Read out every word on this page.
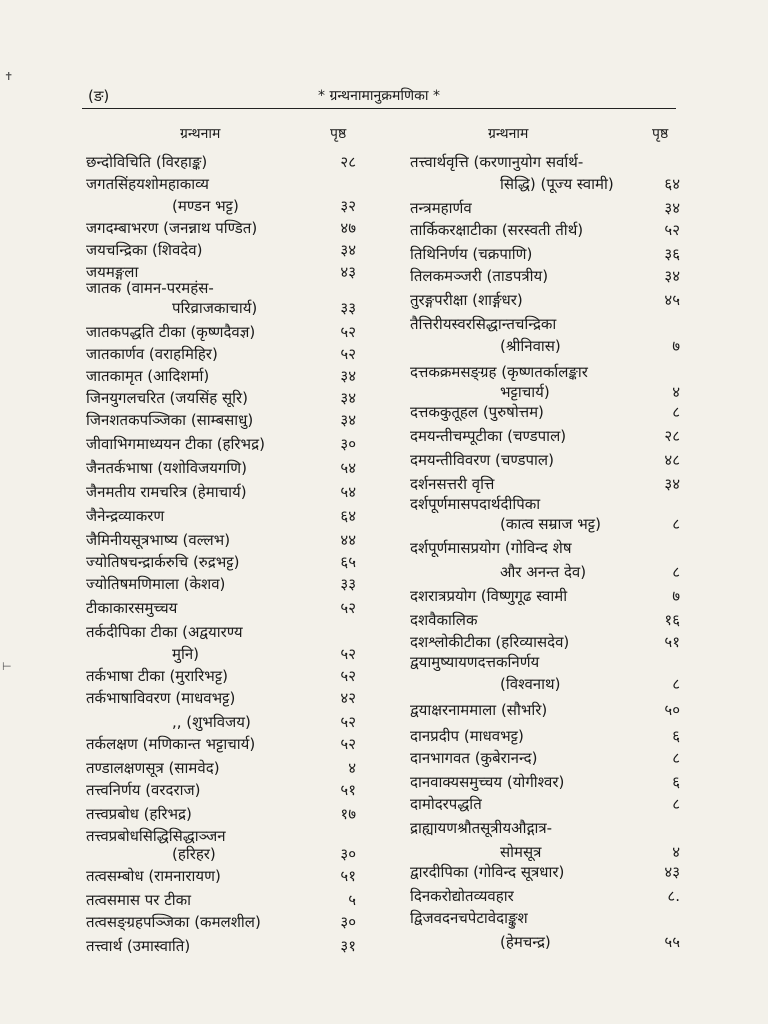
(ङ)	* ग्रन्थनामानुक्रमणिका *
ग्रन्थनाम	पृष्ठ	ग्रन्थनाम	पृष्ठ
छन्दोविचिति (विरहाङ्क)	२८
जगतसिंहयशोमहाकाव्य
(मण्डन भट्ट)	३२
जगदम्बाभरण (जनन्नाथ पण्डित)	४७
जयचन्द्रिका (शिवदेव)	३४
जयमङ्गला	४३
जातक (वामन-परमहंस-
परिव्राजकाचार्य)	३३
जातकपद्धति टीका (कृष्णदैवज्ञ)	५२
जातकार्णव (वराहमिहिर)	५२
जातकामृत (आदिशर्मा)	३४
जिनयुगलचरित (जयसिंह सूरि)	३४
जिनशतकपञ्जिका (साम्बसाधु)	३४
जीवाभिगमाध्ययन टीका (हरिभद्र)	३०
जैनतर्कभाषा (यशोविजयगणि)	५४
जैनमतीय रामचरित्र (हेमाचार्य)	५४
जैनेन्द्रव्याकरण	६४
जैमिनीयसूत्रभाष्य (वल्लभ)	४४
ज्योतिषचन्द्रार्करुचि (रुद्रभट्ट)	६५
ज्योतिषमणिमाला (केशव)	३३
टीकाकारसमुच्चय	५२
तर्कदीपिका टीका (अद्वयारण्य
मुनि)	५२
तर्कभाषा टीका (मुरारिभट्ट)	५२
तर्कभाषाविवरण (माधवभट्ट)	४२
,, (शुभविजय)	५२
तर्कलक्षण (मणिकान्त भट्टाचार्य)	५२
तण्डालक्षणसूत्र (सामवेद)	४
तत्त्वनिर्णय (वरदराज)	५१
तत्त्वप्रबोध (हरिभद्र)	१७
तत्त्वप्रबोधसिद्धिसिद्धाञ्जन
(हरिहर)	३०
तत्वसम्बोध (रामनारायण)	५१
तत्वसमास पर टीका	५
तत्वसङ्ग्रहपञ्जिका (कमलशील)	३०
तत्त्वार्थ (उमास्वाति)	३१
तत्त्वार्थवृत्ति (करणानुयोग सर्वार्थ-
सिद्धि) (पूज्य स्वामी)	६४
तन्त्रमहार्णव	३४
तार्किकरक्षाटीका (सरस्वती तीर्थ)	५२
तिथिनिर्णय (चक्रपाणि)	३६
तिलकमञ्जरी (ताडपत्रीय)	३४
तुरङ्गपरीक्षा (शार्ङ्गधर)	४५
तैत्तिरीयस्वरसिद्धान्तचन्द्रिका
(श्रीनिवास)	७
दत्तकक्रमसङ्ग्रह (कृष्णतर्कालङ्कार
भट्टाचार्य)	४
दत्तककुतूहल (पुरुषोत्तम)	८
दमयन्तीचम्पूटीका (चण्डपाल)	२८
दमयन्तीविवरण (चण्डपाल)	४८
दर्शनसत्तरी वृत्ति	३४
दर्शपूर्णमासपदार्थदीपिका
(कात्व सम्राज भट्ट)	८
दर्शपूर्णमासप्रयोग (गोविन्द शेष
और अनन्त देव)	८
दशरात्रप्रयोग (विष्णुगूढ स्वामी	७
दशवैकालिक	१६
दशश्लोकीटीका (हरिव्यासदेव)	५१
द्वयामुष्यायणदत्तकनिर्णय
(विश्वनाथ)	८
द्वयाक्षरनाममाला (सौभरि)	५०
दानप्रदीप (माधवभट्ट)	६
दानभागवत (कुबेरानन्द)	८
दानवाक्यसमुच्चय (योगीश्वर)	६
दामोदरपद्धति	८
द्राह्यायणश्रौतसूत्रीयऔद्गात्र-
सोमसूत्र	४
द्वारदीपिका (गोविन्द सूत्रधार)	४३
दिनकरोद्योतव्यवहार	८.
द्विजवदनचपेटावेदाङ्कुश
(हेमचन्द्र)	५५
✝
⊢
